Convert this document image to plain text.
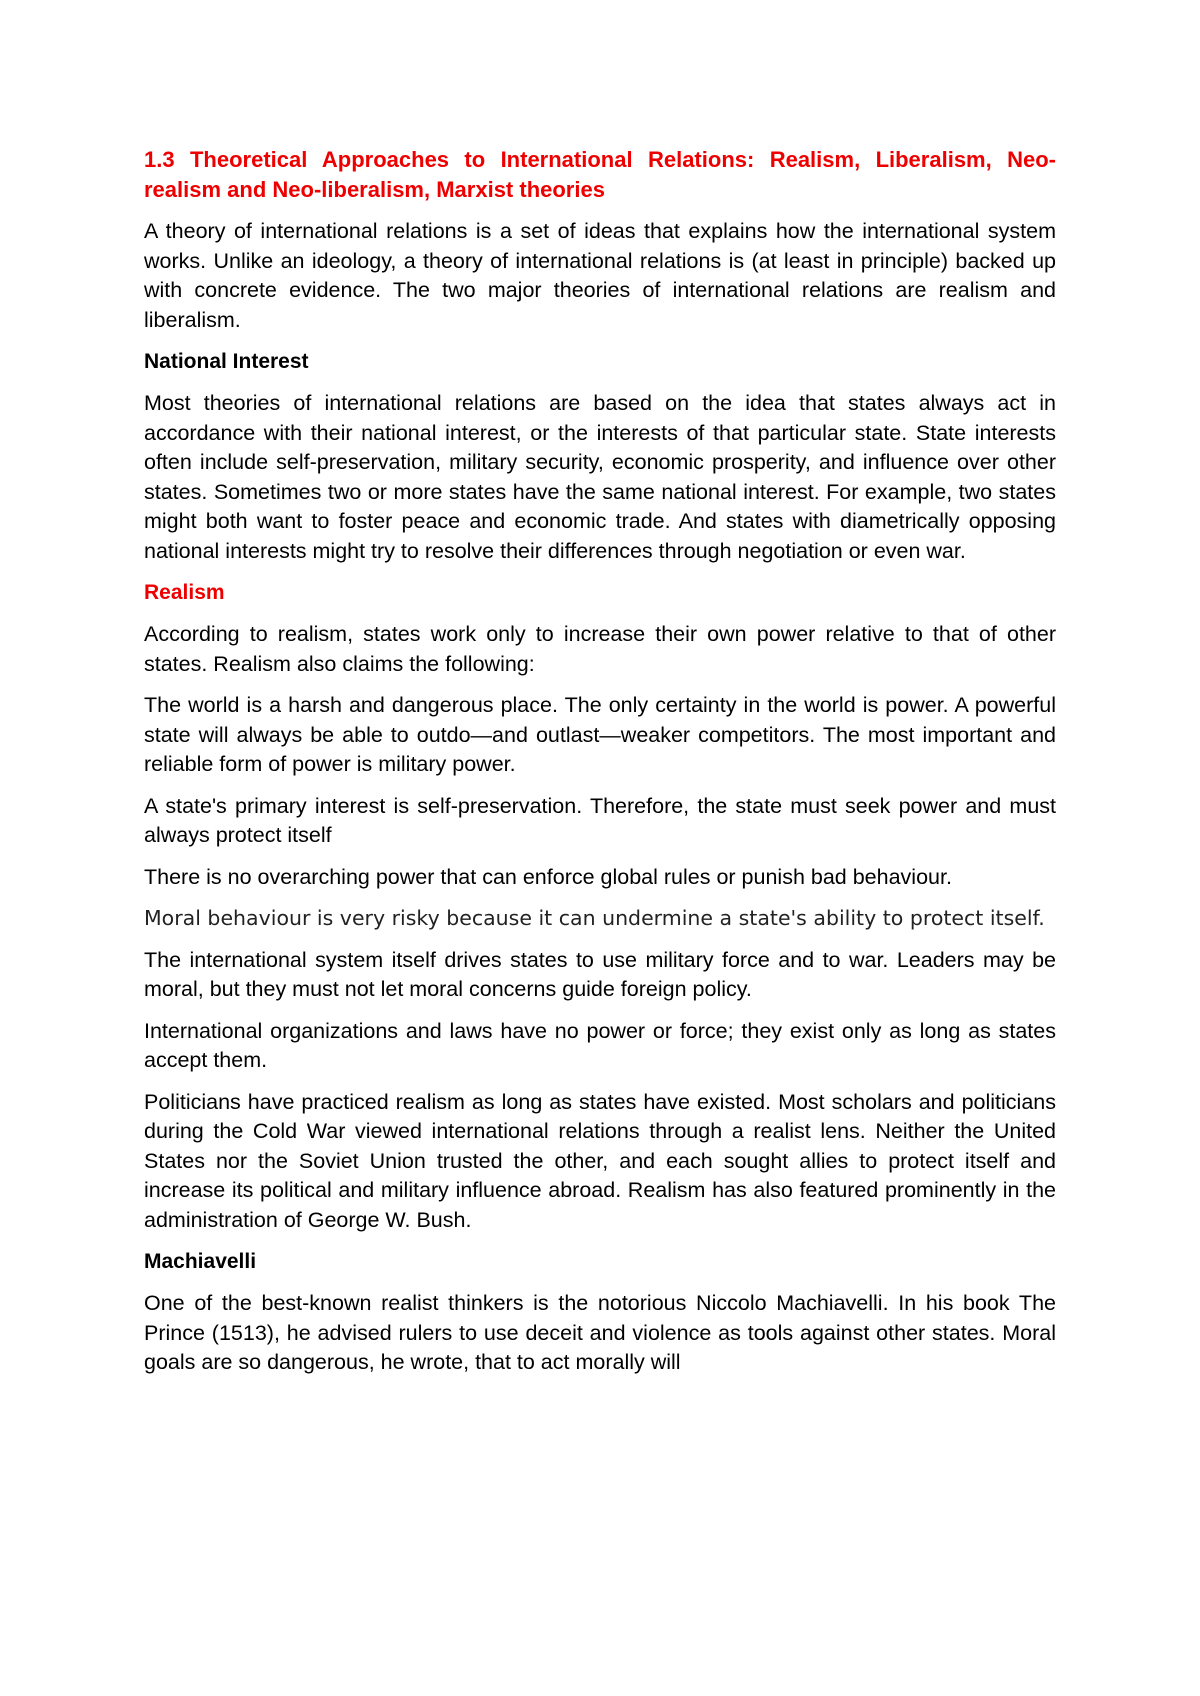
1.3 Theoretical Approaches to International Relations: Realism, Liberalism, Neo-realism and Neo-liberalism, Marxist theories

A theory of international relations is a set of ideas that explains how the international system works. Unlike an ideology, a theory of international relations is (at least in principle) backed up with concrete evidence. The two major theories of international relations are realism and liberalism.

National Interest

Most theories of international relations are based on the idea that states always act in accordance with their national interest, or the interests of that particular state. State interests often include self-preservation, military security, economic prosperity, and influence over other states. Sometimes two or more states have the same national interest. For example, two states might both want to foster peace and economic trade. And states with diametrically opposing national interests might try to resolve their differences through negotiation or even war.

Realism

According to realism, states work only to increase their own power relative to that of other states. Realism also claims the following:

The world is a harsh and dangerous place. The only certainty in the world is power. A powerful state will always be able to outdo—and outlast—weaker competitors. The most important and reliable form of power is military power.

A state's primary interest is self-preservation. Therefore, the state must seek power and must always protect itself

There is no overarching power that can enforce global rules or punish bad behaviour.

Moral behaviour is very risky because it can undermine a state's ability to protect itself.

The international system itself drives states to use military force and to war. Leaders may be moral, but they must not let moral concerns guide foreign policy.

International organizations and laws have no power or force; they exist only as long as states accept them.

Politicians have practiced realism as long as states have existed. Most scholars and politicians during the Cold War viewed international relations through a realist lens. Neither the United States nor the Soviet Union trusted the other, and each sought allies to protect itself and increase its political and military influence abroad. Realism has also featured prominently in the administration of George W. Bush.

Machiavelli

One of the best-known realist thinkers is the notorious Niccolo Machiavelli. In his book The Prince (1513), he advised rulers to use deceit and violence as tools against other states. Moral goals are so dangerous, he wrote, that to act morally will
